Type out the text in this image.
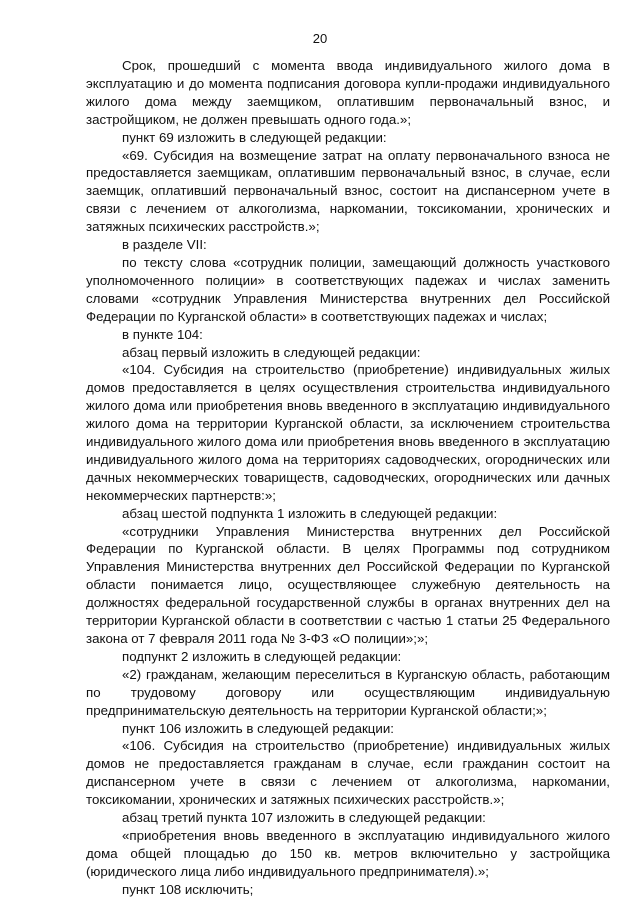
20

Срок, прошедший с момента ввода индивидуального жилого дома в эксплуатацию и до момента подписания договора купли-продажи индивидуального жилого дома между заемщиком, оплатившим первоначальный взнос, и застройщиком, не должен превышать одного года.»;

пункт 69 изложить в следующей редакции:

«69. Субсидия на возмещение затрат на оплату первоначального взноса не предоставляется заемщикам, оплатившим первоначальный взнос, в случае, если заемщик, оплативший первоначальный взнос, состоит на диспансерном учете в связи с лечением от алкоголизма, наркомании, токсикомании, хронических и затяжных психических расстройств.»;

в разделе VII:

по тексту слова «сотрудник полиции, замещающий должность участкового уполномоченного полиции» в соответствующих падежах и числах заменить словами «сотрудник Управления Министерства внутренних дел Российской Федерации по Курганской области» в соответствующих падежах и числах;

в пункте 104:

абзац первый изложить в следующей редакции:

«104. Субсидия на строительство (приобретение) индивидуальных жилых домов предоставляется в целях осуществления строительства индивидуального жилого дома или приобретения вновь введенного в эксплуатацию индивидуального жилого дома на территории Курганской области, за исключением строительства индивидуального жилого дома или приобретения вновь введенного в эксплуатацию индивидуального жилого дома на территориях садоводческих, огороднических или дачных некоммерческих товариществ, садоводческих, огороднических или дачных некоммерческих партнерств:»;

абзац шестой подпункта 1 изложить в следующей редакции:

«сотрудники Управления Министерства внутренних дел Российской Федерации по Курганской области. В целях Программы под сотрудником Управления Министерства внутренних дел Российской Федерации по Курганской области понимается лицо, осуществляющее служебную деятельность на должностях федеральной государственной службы в органах внутренних дел на территории Курганской области в соответствии с частью 1 статьи 25 Федерального закона от 7 февраля 2011 года № 3-ФЗ «О полиции»;»;

подпункт 2 изложить в следующей редакции:

«2) гражданам, желающим переселиться в Курганскую область, работающим по трудовому договору или осуществляющим индивидуальную предпринимательскую деятельность на территории Курганской области;»;

пункт 106 изложить в следующей редакции:

«106. Субсидия на строительство (приобретение) индивидуальных жилых домов не предоставляется гражданам в случае, если гражданин состоит на диспансерном учете в связи с лечением от алкоголизма, наркомании, токсикомании, хронических и затяжных психических расстройств.»;

абзац третий пункта 107 изложить в следующей редакции:

«приобретения вновь введенного в эксплуатацию индивидуального жилого дома общей площадью до 150 кв. метров включительно у застройщика (юридического лица либо индивидуального предпринимателя).»;

пункт 108 исключить;
